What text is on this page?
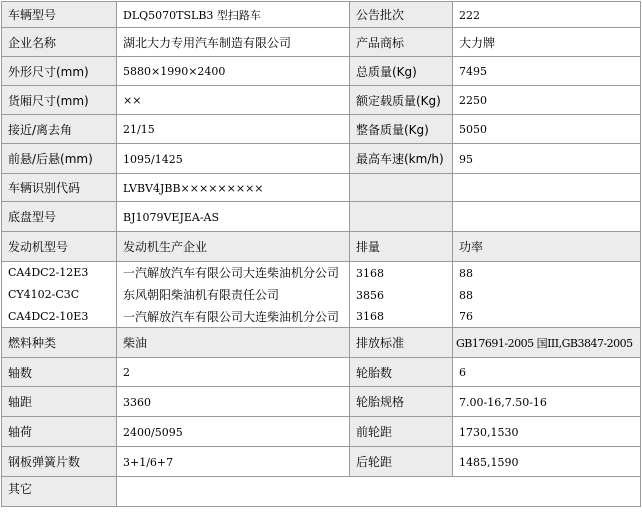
车辆型号	DLQ5070TSLB3 型扫路车	公告批次	222
企业名称	湖北大力专用汽车制造有限公司	产品商标	大力牌
外形尺寸(mm)	5880×1990×2400	总质量(Kg)	7495
货厢尺寸(mm)	××	额定载质量(Kg)	2250
接近/离去角	21/15	整备质量(Kg)	5050
前悬/后悬(mm)	1095/1425	最高车速(km/h)	95
车辆识别代码	LVBV4JBB×××××××××		
底盘型号	BJ1079VEJEA-AS		
发动机型号	发动机生产企业	排量	功率
CA4DC2-12E3	一汽解放汽车有限公司大连柴油机分公司	3168	88
CY4102-C3C	东风朝阳柴油机有限责任公司	3856	88
CA4DC2-10E3	一汽解放汽车有限公司大连柴油机分公司	3168	76
燃料种类	柴油	排放标准	GB17691-2005 国III,GB3847-2005
轴数	2	轮胎数	6
轴距	3360	轮胎规格	7.00-16,7.50-16
轴荷	2400/5095	前轮距	1730,1530
钢板弹簧片数	3+1/6+7	后轮距	1485,1590
其它			
